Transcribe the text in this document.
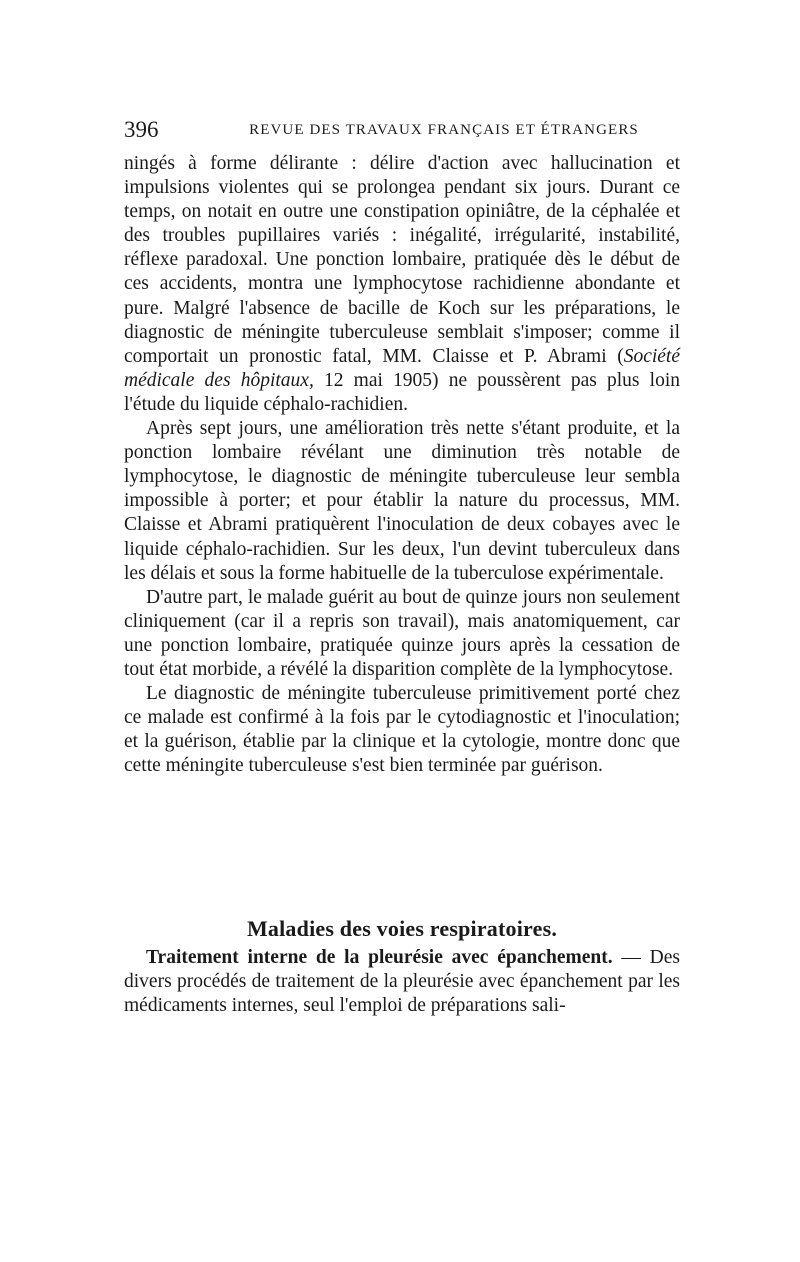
396	REVUE DES TRAVAUX FRANÇAIS ET ÉTRANGERS

ningés à forme délirante : délire d'action avec hallucination et impulsions violentes qui se prolongea pendant six jours. Durant ce temps, on notait en outre une constipation opiniâtre, de la céphalée et des troubles pupillaires variés : inégalité, irrégularité, instabilité, réflexe paradoxal. Une ponction lombaire, pratiquée dès le début de ces accidents, montra une lymphocytose rachidienne abondante et pure. Malgré l'absence de bacille de Koch sur les préparations, le diagnostic de méningite tuberculeuse semblait s'imposer; comme il comportait un pronostic fatal, MM. Claisse et P. Abrami (Société médicale des hôpitaux, 12 mai 1905) ne poussèrent pas plus loin l'étude du liquide céphalo-rachidien.

Après sept jours, une amélioration très nette s'étant produite, et la ponction lombaire révélant une diminution très notable de lymphocytose, le diagnostic de méningite tuberculeuse leur sembla impossible à porter; et pour établir la nature du processus, MM. Claisse et Abrami pratiquèrent l'inoculation de deux cobayes avec le liquide céphalo-rachidien. Sur les deux, l'un devint tuberculeux dans les délais et sous la forme habituelle de la tuberculose expérimentale.

D'autre part, le malade guérit au bout de quinze jours non seulement cliniquement (car il a repris son travail), mais anatomiquement, car une ponction lombaire, pratiquée quinze jours après la cessation de tout état morbide, a révélé la disparition complète de la lymphocytose.

Le diagnostic de méningite tuberculeuse primitivement porté chez ce malade est confirmé à la fois par le cytodiagnostic et l'inoculation; et la guérison, établie par la clinique et la cytologie, montre donc que cette méningite tuberculeuse s'est bien terminée par guérison.

Maladies des voies respiratoires.

Traitement interne de la pleurésie avec épanchement. — Des divers procédés de traitement de la pleurésie avec épanchement par les médicaments internes, seul l'emploi de préparations sali-
